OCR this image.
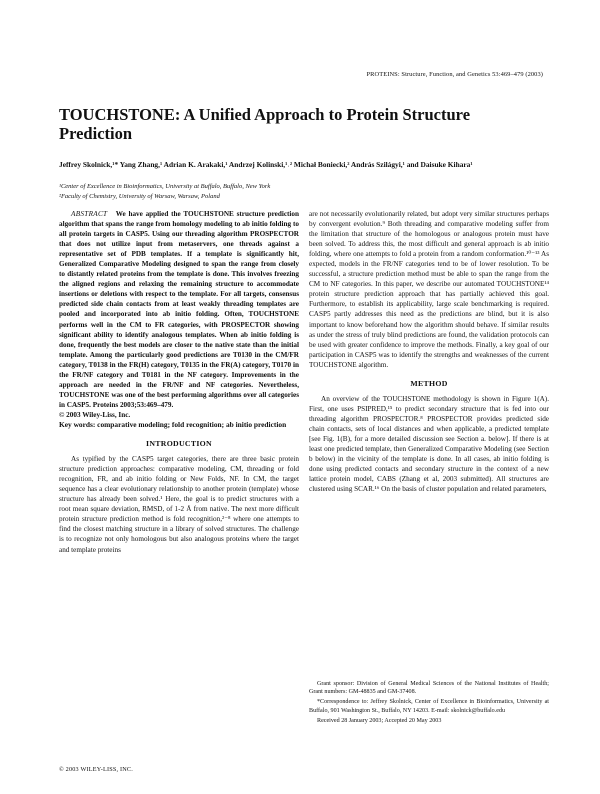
PROTEINS: Structure, Function, and Genetics 53:469–479 (2003)
TOUCHSTONE: A Unified Approach to Protein Structure Prediction
Jeffrey Skolnick,¹* Yang Zhang,¹ Adrian K. Arakaki,¹ Andrzej Kolinski,¹˒² Michał Boniecki,² András Szilágyi,¹ and Daisuke Kihara¹
¹Center of Excellence in Bioinformatics, University at Buffalo, Buffalo, New York
²Faculty of Chemistry, University of Warsaw, Warsaw, Poland

ABSTRACT We have applied the TOUCHSTONE structure prediction algorithm that spans the range from homology modeling to ab initio folding to all protein targets in CASP5. Using our threading algorithm PROSPECTOR that does not utilize input from metaservers, one threads against a representative set of PDB templates. If a template is significantly hit, Generalized Comparative Modeling designed to span the range from closely to distantly related proteins from the template is done. This involves freezing the aligned regions and relaxing the remaining structure to accommodate insertions or deletions with respect to the template. For all targets, consensus predicted side chain contacts from at least weakly threading templates are pooled and incorporated into ab initio folding. Often, TOUCHSTONE performs well in the CM to FR categories, with PROSPECTOR showing significant ability to identify analogous templates. When ab initio folding is done, frequently the best models are closer to the native state than the initial template. Among the particularly good predictions are T0130 in the CM/FR category, T0138 in the FR(H) category, T0135 in the FR(A) category, T0170 in the FR/NF category and T0181 in the NF category. Improvements in the approach are needed in the FR/NF and NF categories. Nevertheless, TOUCHSTONE was one of the best performing algorithms over all categories in CASP5. Proteins 2003;53:469–479.

© 2003 Wiley-Liss, Inc.

Key words: comparative modeling; fold recognition; ab initio prediction

INTRODUCTION

As typified by the CASP5 target categories, there are three basic protein structure prediction approaches: comparative modeling, CM, threading or fold recognition, FR, and ab initio folding or New Folds, NF. In CM, the target sequence has a clear evolutionary relationship to another protein (template) whose structure has already been solved.¹ Here, the goal is to predict structures with a root mean square deviation, RMSD, of 1-2 Å from native. The next more difficult protein structure prediction method is fold recognition,²⁻⁸ where one attempts to find the closest matching structure in a library of solved structures. The challenge is to recognize not only homologous but also analogous proteins where the target and template proteins

are not necessarily evolutionarily related, but adopt very similar structures perhaps by convergent evolution.⁹ Both threading and comparative modeling suffer from the limitation that structure of the homologous or analogous protein must have been solved. To address this, the most difficult and general approach is ab initio folding, where one attempts to fold a protein from a random conformation.¹⁰⁻¹³ As expected, models in the FR/NF categories tend to be of lower resolution. To be successful, a structure prediction method must be able to span the range from the CM to NF categories. In this paper, we describe our automated TOUCHSTONE¹⁴ protein structure prediction approach that has partially achieved this goal. Furthermore, to establish its applicability, large scale benchmarking is required. CASP5 partly addresses this need as the predictions are blind, but it is also important to know beforehand how the algorithm should behave. If similar results as under the stress of truly blind predictions are found, the validation protocols can be used with greater confidence to improve the methods. Finally, a key goal of our participation in CASP5 was to identify the strengths and weaknesses of the current TOUCHSTONE algorithm.

METHOD

An overview of the TOUCHSTONE methodology is shown in Figure 1(A). First, one uses PSIPRED,¹⁵ to predict secondary structure that is fed into our threading algorithm PROSPECTOR.⁸ PROSPECTOR provides predicted side chain contacts, sets of local distances and when applicable, a predicted template [see Fig. 1(B), for a more detailed discussion see Section a. below]. If there is at least one predicted template, then Generalized Comparative Modeling (see Section b below) in the vicinity of the template is done. In all cases, ab initio folding is done using predicted contacts and secondary structure in the context of a new lattice protein model, CABS (Zhang et al, 2003 submitted). All structures are clustered using SCAR.¹⁶ On the basis of cluster population and related parameters,

Grant sponsor: Division of General Medical Sciences of the National Institutes of Health; Grant numbers: GM-48835 and GM-37408.

*Correspondence to: Jeffrey Skolnick, Center of Excellence in Bioinformatics, University at Buffalo, 901 Washington St., Buffalo, NY 14203. E-mail: skolnick@buffalo.edu

Received 28 January 2003; Accepted 20 May 2003

© 2003 WILEY-LISS, INC.
